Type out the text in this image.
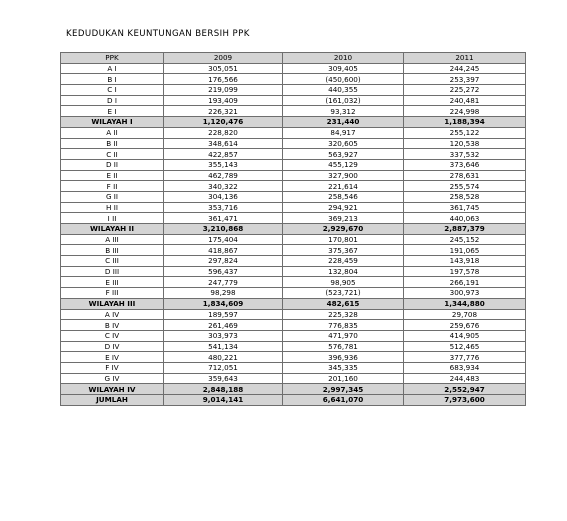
KEDUDUKAN KEUNTUNGAN BERSIH PPK
PPK	2009	2010	2011
A I	305,051	309,405	244,245
B I	176,566	(450,600)	253,397
C I	219,099	440,355	225,272
D I	193,409	(161,032)	240,481
E I	226,321	93,312	224,998
WILAYAH I	1,120,476	231,440	1,188,394
A II	228,820	84,917	255,122
B II	348,614	320,605	120,538
C II	422,857	563,927	337,532
D II	355,143	455,129	373,646
E II	462,789	327,900	278,631
F II	340,322	221,614	255,574
G II	304,136	258,546	258,528
H II	353,716	294,921	361,745
I II	361,471	369,213	440,063
WILAYAH II	3,210,868	2,929,670	2,887,379
A III	175,404	170,801	245,152
B III	418,867	375,367	191,065
C III	297,824	228,459	143,918
D III	596,437	132,804	197,578
E III	247,779	98,905	266,191
F III	98,298	(523,721)	300,973
WILAYAH III	1,834,609	482,615	1,344,880
A IV	189,597	225,328	29,708
B IV	261,469	776,835	259,676
C IV	303,973	471,970	414,905
D IV	541,134	576,781	512,465
E IV	480,221	396,936	377,776
F IV	712,051	345,335	683,934
G IV	359,643	201,160	244,483
WILAYAH IV	2,848,188	2,997,345	2,552,947
JUMLAH	9,014,141	6,641,070	7,973,600
